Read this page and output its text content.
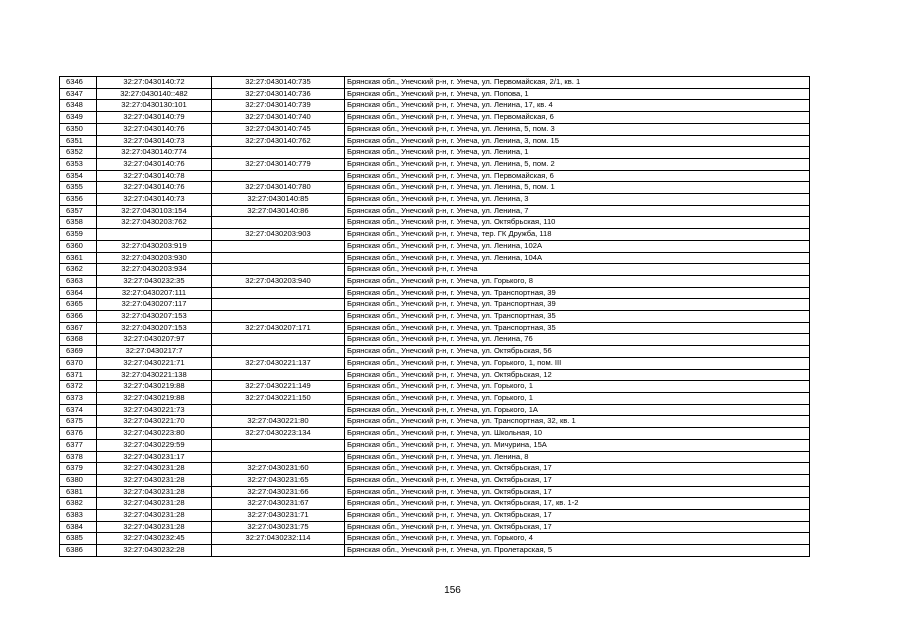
6346	32:27:0430140:72	32:27:0430140:735	Брянская обл., Унечский р-н, г. Унеча, ул. Первомайская, 2/1, кв. 1
6347	32:27:0430140::482	32:27:0430140:736	Брянская обл., Унечский р-н, г. Унеча, ул. Попова, 1
6348	32:27:0430130:101	32:27:0430140:739	Брянская обл., Унечский р-н, г. Унеча, ул. Ленина, 17, кв. 4
6349	32:27:0430140:79	32:27:0430140:740	Брянская обл., Унечский р-н, г. Унеча, ул. Первомайская, 6
6350	32:27:0430140:76	32:27:0430140:745	Брянская обл., Унечский р-н, г. Унеча, ул. Ленина, 5, пом. 3
6351	32:27:0430140:73	32:27:0430140:762	Брянская обл., Унечский р-н, г. Унеча, ул. Ленина, 3, пом. 15
6352	32:27:0430140:774		Брянская обл., Унечский р-н, г. Унеча, ул. Ленина, 1
6353	32:27:0430140:76	32:27:0430140:779	Брянская обл., Унечский р-н, г. Унеча, ул. Ленина, 5, пом. 2
6354	32:27:0430140:78		Брянская обл., Унечский р-н, г. Унеча, ул. Первомайская, 6
6355	32:27:0430140:76	32:27:0430140:780	Брянская обл., Унечский р-н, г. Унеча, ул. Ленина, 5, пом. 1
6356	32:27:0430140:73	32:27:0430140:85	Брянская обл., Унечский р-н, г. Унеча, ул. Ленина, 3
6357	32:27:0430103:154	32:27:0430140:86	Брянская обл., Унечский р-н, г. Унеча, ул. Ленина, 7
6358	32:27:0430203:762		Брянская обл., Унечский р-н, г. Унеча, ул. Октябрьская, 110
6359		32:27:0430203:903	Брянская обл., Унечский р-н, г. Унеча, тер. ГК Дружба, 118
6360	32:27:0430203:919		Брянская обл., Унечский р-н, г. Унеча, ул. Ленина, 102А
6361	32:27:0430203:930		Брянская обл., Унечский р-н, г. Унеча, ул. Ленина, 104А
6362	32:27:0430203:934		Брянская обл., Унечский р-н, г. Унеча
6363	32:27:0430232:35	32:27:0430203:940	Брянская обл., Унечский р-н, г. Унеча, ул. Горького, 8
6364	32:27:0430207:111		Брянская обл., Унечский р-н, г. Унеча, ул. Транспортная, 39
6365	32:27:0430207:117		Брянская обл., Унечский р-н, г. Унеча, ул. Транспортная, 39
6366	32:27:0430207:153		Брянская обл., Унечский р-н, г. Унеча, ул. Транспортная, 35
6367	32:27:0430207:153	32:27:0430207:171	Брянская обл., Унечский р-н, г. Унеча, ул. Транспортная, 35
6368	32:27:0430207:97		Брянская обл., Унечский р-н, г. Унеча, ул. Ленина, 76
6369	32:27:0430217:7		Брянская обл., Унечский р-н, г. Унеча, ул. Октябрьская, 56
6370	32:27:0430221:71	32:27:0430221:137	Брянская обл., Унечский р-н, г. Унеча, ул. Горького, 1, пом. III
6371	32:27:0430221:138		Брянская обл., Унечский р-н, г. Унеча, ул. Октябрьская, 12
6372	32:27:0430219:88	32:27:0430221:149	Брянская обл., Унечский р-н, г. Унеча, ул. Горького, 1
6373	32:27:0430219:88	32:27:0430221:150	Брянская обл., Унечский р-н, г. Унеча, ул. Горького, 1
6374	32:27:0430221:73		Брянская обл., Унечский р-н, г. Унеча, ул. Горького, 1А
6375	32:27:0430221:70	32:27:0430221:80	Брянская обл., Унечский р-н, г. Унеча, ул. Транспортная, 32, кв. 1
6376	32:27:0430223:80	32:27:0430223:134	Брянская обл., Унечский р-н, г. Унеча, ул. Школьная, 10
6377	32:27:0430229:59		Брянская обл., Унечский р-н, г. Унеча, ул. Мичурина, 15А
6378	32:27:0430231:17		Брянская обл., Унечский р-н, г. Унеча, ул. Ленина, 8
6379	32:27:0430231:28	32:27:0430231:60	Брянская обл., Унечский р-н, г. Унеча, ул. Октябрьская, 17
6380	32:27:0430231:28	32:27:0430231:65	Брянская обл., Унечский р-н, г. Унеча, ул. Октябрьская, 17
6381	32:27:0430231:28	32:27:0430231:66	Брянская обл., Унечский р-н, г. Унеча, ул. Октябрьская, 17
6382	32:27:0430231:28	32:27:0430231:67	Брянская обл., Унечский р-н, г. Унеча, ул. Октябрьская, 17, кв. 1-2
6383	32:27:0430231:28	32:27:0430231:71	Брянская обл., Унечский р-н, г. Унеча, ул. Октябрьская, 17
6384	32:27:0430231:28	32:27:0430231:75	Брянская обл., Унечский р-н, г. Унеча, ул. Октябрьская, 17
6385	32:27:0430232:45	32:27:0430232:114	Брянская обл., Унечский р-н, г. Унеча, ул. Горького, 4
6386	32:27:0430232:28		Брянская обл., Унечский р-н, г. Унеча, ул. Пролетарская, 5
156
